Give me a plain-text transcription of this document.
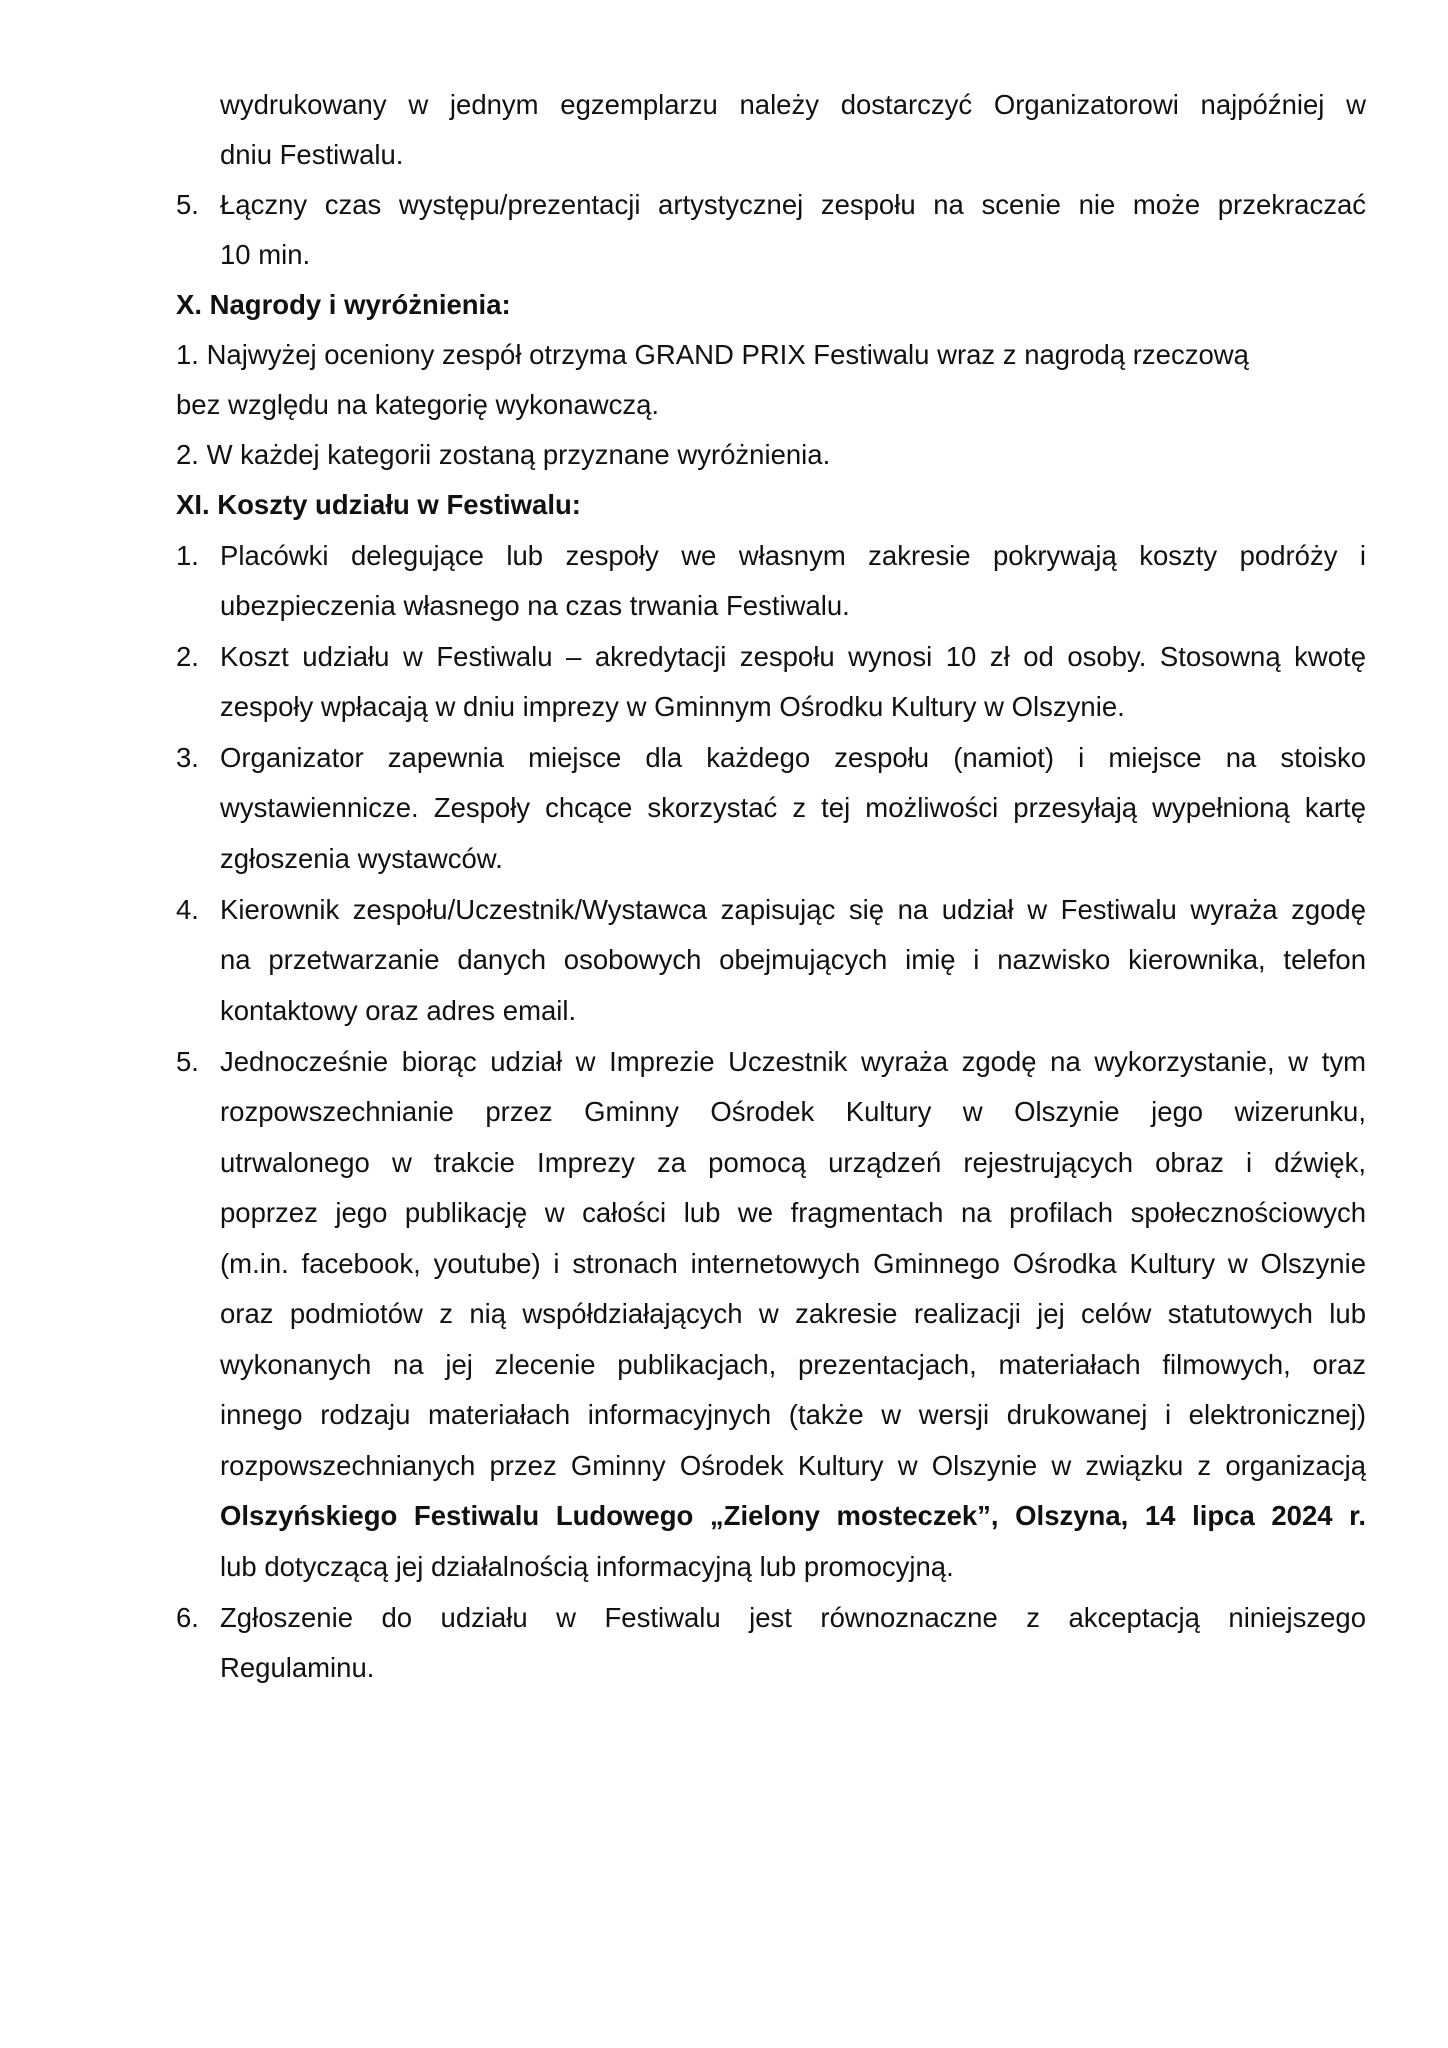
wydrukowany w jednym egzemplarzu należy dostarczyć Organizatorowi najpóźniej w
dniu Festiwalu.
5. Łączny czas występu/prezentacji artystycznej zespołu na scenie nie może przekraczać
10 min.
X. Nagrody i wyróżnienia:
1. Najwyżej oceniony zespół otrzyma GRAND PRIX Festiwalu wraz z nagrodą rzeczową
bez względu na kategorię wykonawczą.
2. W każdej kategorii zostaną przyznane wyróżnienia.
XI. Koszty udziału w Festiwalu:
1. Placówki delegujące lub zespoły we własnym zakresie pokrywają koszty podróży i
ubezpieczenia własnego na czas trwania Festiwalu.
2. Koszt udziału w Festiwalu – akredytacji zespołu wynosi 10 zł od osoby. Stosowną kwotę
zespoły wpłacają w dniu imprezy w Gminnym Ośrodku Kultury w Olszynie.
3. Organizator zapewnia miejsce dla każdego zespołu (namiot) i miejsce na stoisko
wystawiennicze. Zespoły chcące skorzystać z tej możliwości przesyłają wypełnioną kartę
zgłoszenia wystawców.
4. Kierownik zespołu/Uczestnik/Wystawca zapisując się na udział w Festiwalu wyraża zgodę
na przetwarzanie danych osobowych obejmujących imię i nazwisko kierownika, telefon
kontaktowy oraz adres email.
5. Jednocześnie biorąc udział w Imprezie Uczestnik wyraża zgodę na wykorzystanie, w tym
rozpowszechnianie przez Gminny Ośrodek Kultury w Olszynie jego wizerunku,
utrwalonego w trakcie Imprezy za pomocą urządzeń rejestrujących obraz i dźwięk,
poprzez jego publikację w całości lub we fragmentach na profilach społecznościowych
(m.in. facebook, youtube) i stronach internetowych Gminnego Ośrodka Kultury w Olszynie
oraz podmiotów z nią współdziałających w zakresie realizacji jej celów statutowych lub
wykonanych na jej zlecenie publikacjach, prezentacjach, materiałach filmowych, oraz
innego rodzaju materiałach informacyjnych (także w wersji drukowanej i elektronicznej)
rozpowszechnianych przez Gminny Ośrodek Kultury w Olszynie w związku z organizacją
Olszyńskiego Festiwalu Ludowego „Zielony mosteczek”, Olszyna, 14 lipca 2024 r.
lub dotyczącą jej działalnością informacyjną lub promocyjną.
6. Zgłoszenie do udziału w Festiwalu jest równoznaczne z akceptacją niniejszego
Regulaminu.
